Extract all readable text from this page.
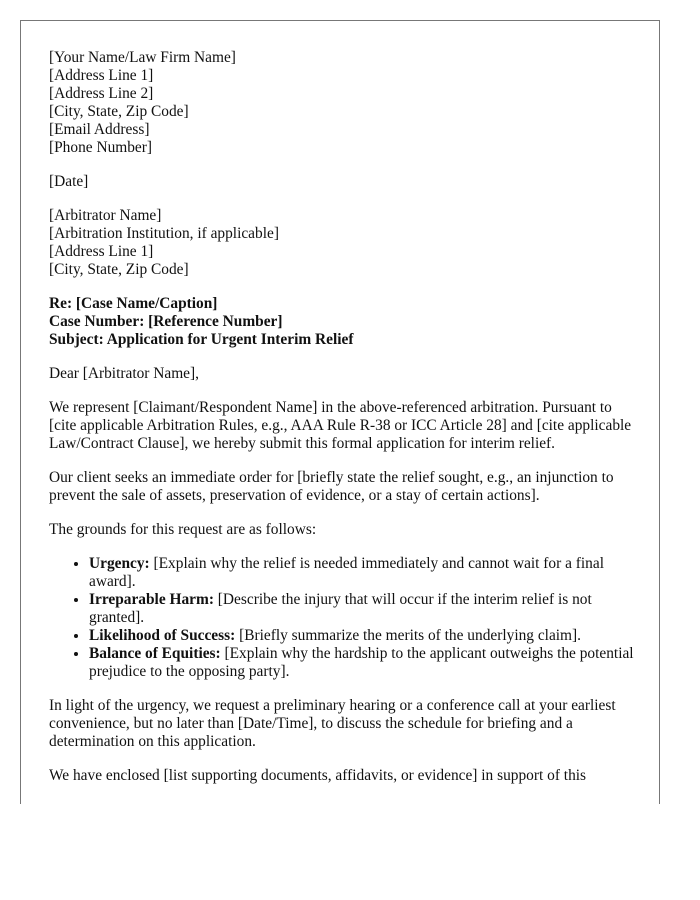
[Your Name/Law Firm Name]
[Address Line 1]
[Address Line 2]
[City, State, Zip Code]
[Email Address]
[Phone Number]
[Date]
[Arbitrator Name]
[Arbitration Institution, if applicable]
[Address Line 1]
[City, State, Zip Code]
Re: [Case Name/Caption]
Case Number: [Reference Number]
Subject: Application for Urgent Interim Relief

Dear [Arbitrator Name],

We represent [Claimant/Respondent Name] in the above-referenced arbitration. Pursuant to [cite applicable Arbitration Rules, e.g., AAA Rule R-38 or ICC Article 28] and [cite applicable Law/Contract Clause], we hereby submit this formal application for interim relief.

Our client seeks an immediate order for [briefly state the relief sought, e.g., an injunction to prevent the sale of assets, preservation of evidence, or a stay of certain actions].

The grounds for this request are as follows:

• Urgency: [Explain why the relief is needed immediately and cannot wait for a final award].
• Irreparable Harm: [Describe the injury that will occur if the interim relief is not granted].
• Likelihood of Success: [Briefly summarize the merits of the underlying claim].
• Balance of Equities: [Explain why the hardship to the applicant outweighs the potential prejudice to the opposing party].

In light of the urgency, we request a preliminary hearing or a conference call at your earliest convenience, but no later than [Date/Time], to discuss the schedule for briefing and a determination on this application.

We have enclosed [list supporting documents, affidavits, or evidence] in support of this
